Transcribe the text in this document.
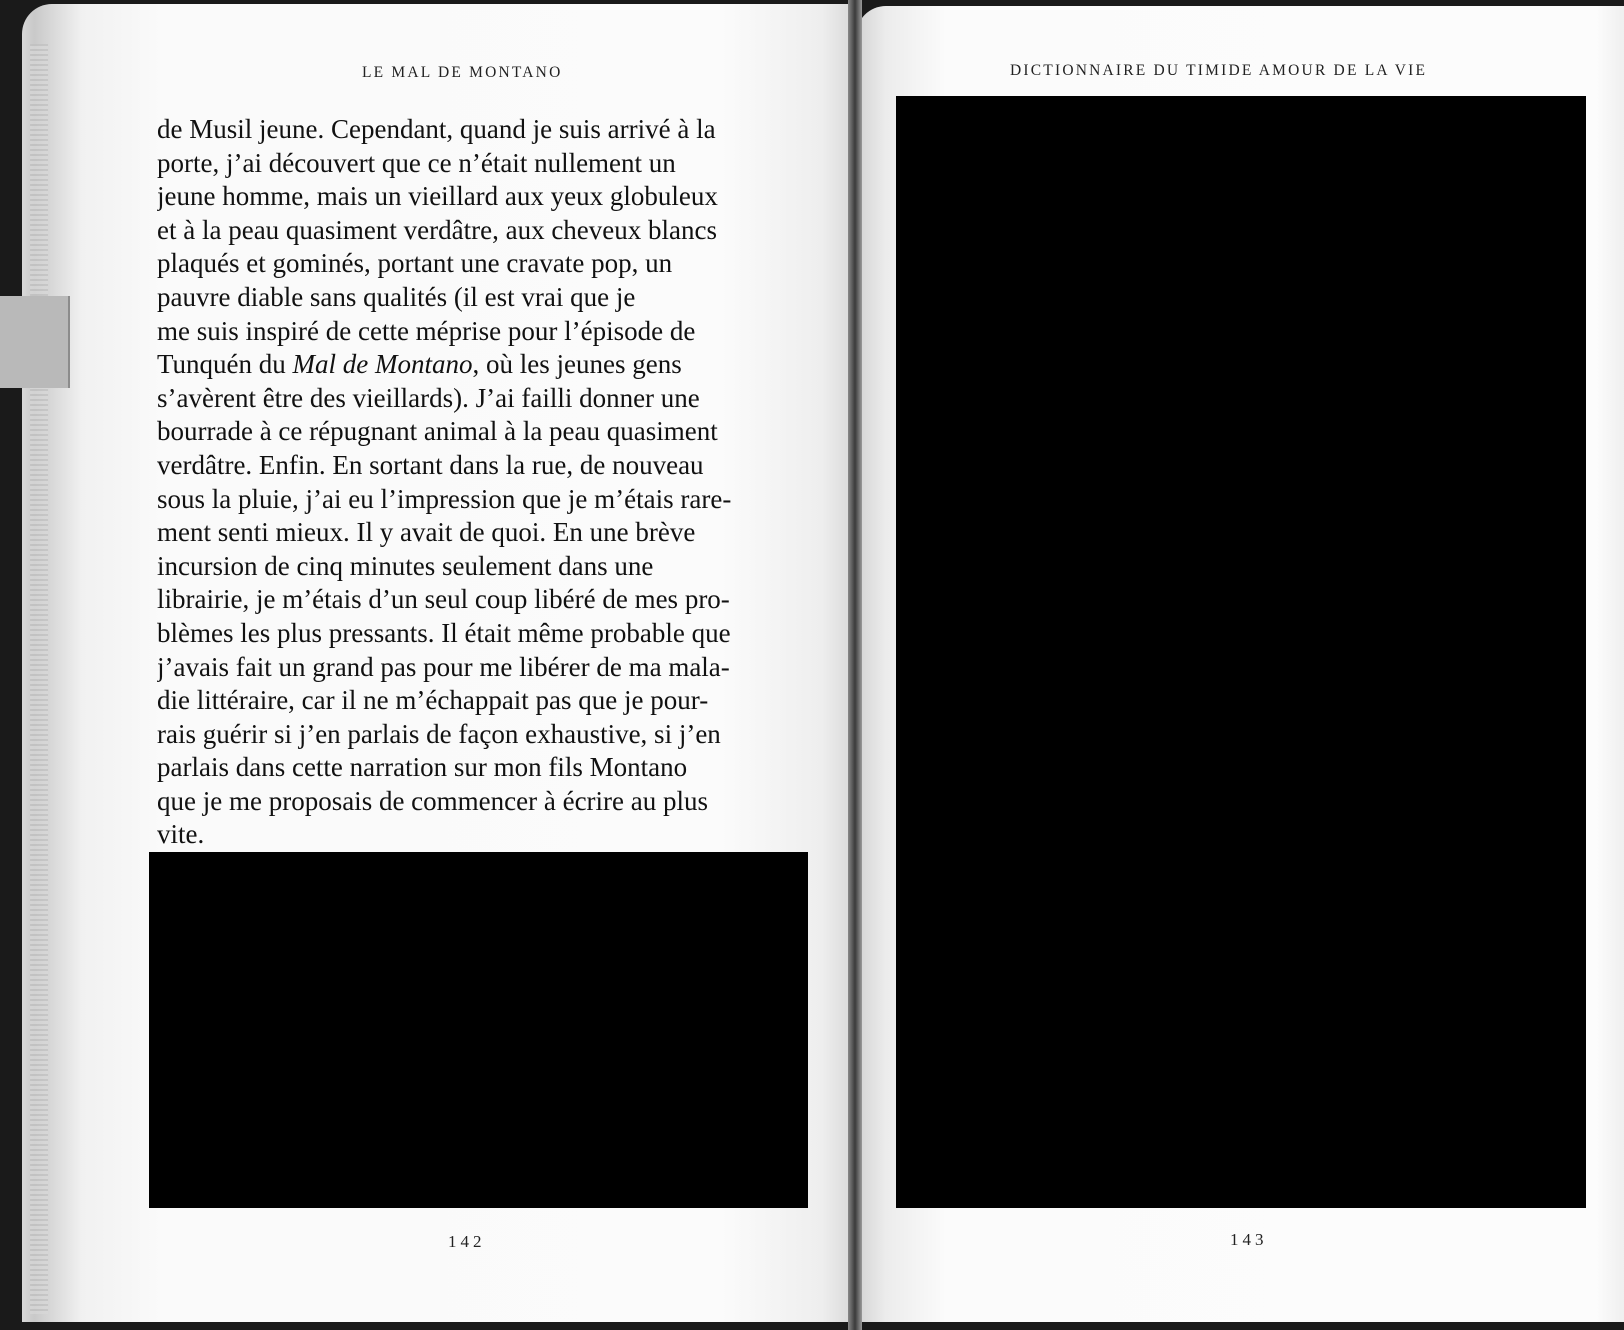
LE MAL DE MONTANO	DICTIONNAIRE DU TIMIDE AMOUR DE LA VIE
de Musil jeune. Cependant, quand je suis arrivé à la
porte, j’ai découvert que ce n’était nullement un
jeune homme, mais un vieillard aux yeux globuleux
et à la peau quasiment verdâtre, aux cheveux blancs
plaqués et gominés, portant une cravate pop, un
pauvre diable sans qualités (il est vrai que je
me suis inspiré de cette méprise pour l’épisode de
Tunquén du Mal de Montano, où les jeunes gens
s’avèrent être des vieillards). J’ai failli donner une
bourrade à ce répugnant animal à la peau quasiment
verdâtre. Enfin. En sortant dans la rue, de nouveau
sous la pluie, j’ai eu l’impression que je m’étais rare-
ment senti mieux. Il y avait de quoi. En une brève
incursion de cinq minutes seulement dans une
librairie, je m’étais d’un seul coup libéré de mes pro-
blèmes les plus pressants. Il était même probable que
j’avais fait un grand pas pour me libérer de ma mala-
die littéraire, car il ne m’échappait pas que je pour-
rais guérir si j’en parlais de façon exhaustive, si j’en
parlais dans cette narration sur mon fils Montano
que je me proposais de commencer à écrire au plus
vite.
142	143
